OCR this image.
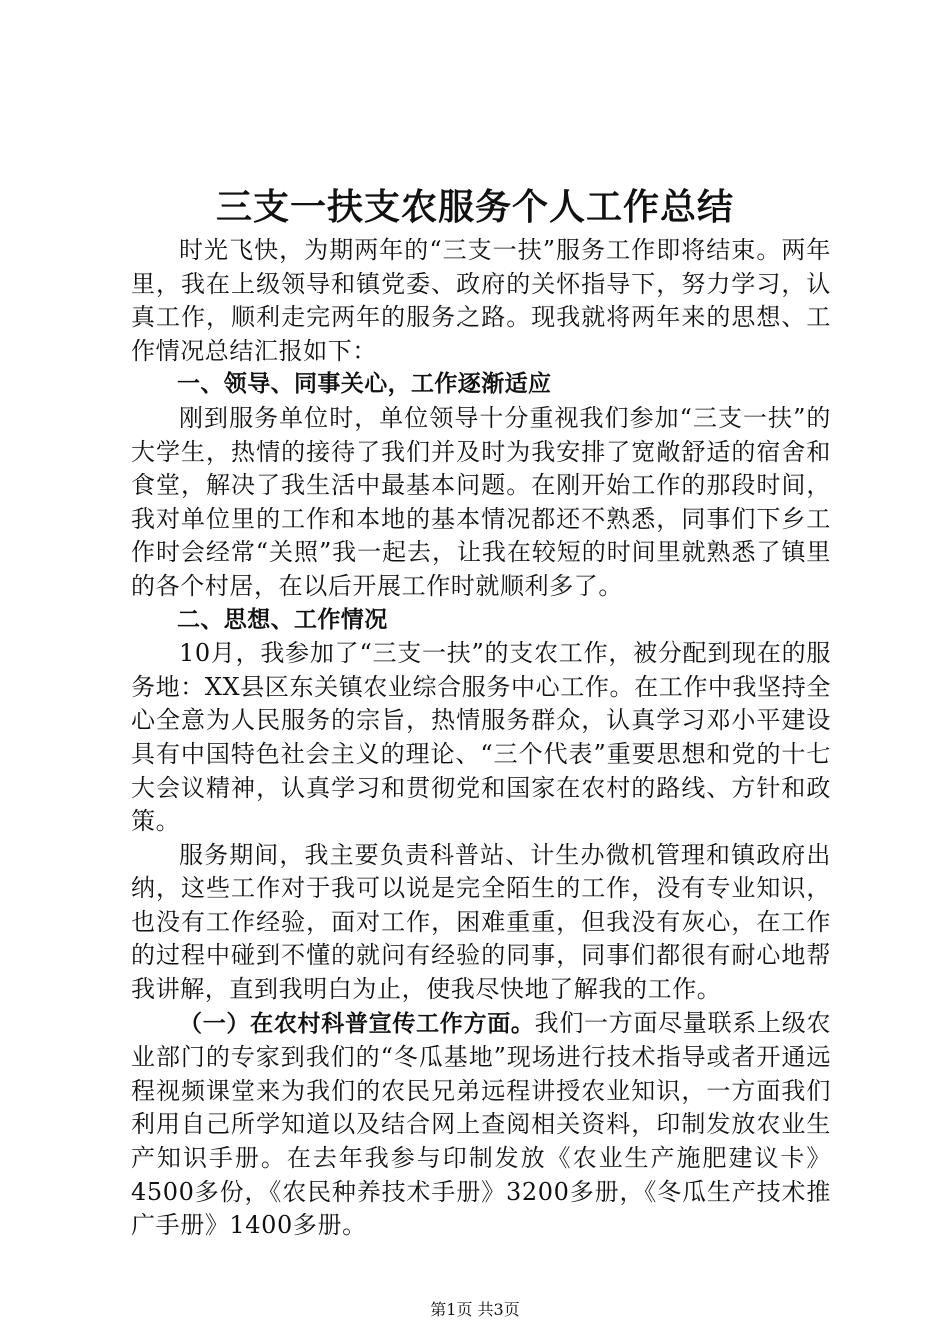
三支一扶支农服务个人工作总结

时光飞快，为期两年的“三支一扶”服务工作即将结束。两年里，我在上级领导和镇党委、政府的关怀指导下，努力学习，认真工作，顺利走完两年的服务之路。现我就将两年来的思想、工作情况总结汇报如下：

一、领导、同事关心，工作逐渐适应

刚到服务单位时，单位领导十分重视我们参加“三支一扶”的大学生，热情的接待了我们并及时为我安排了宽敞舒适的宿舍和食堂，解决了我生活中最基本问题。在刚开始工作的那段时间，我对单位里的工作和本地的基本情况都还不熟悉，同事们下乡工作时会经常“关照”我一起去，让我在较短的时间里就熟悉了镇里的各个村居，在以后开展工作时就顺利多了。

二、思想、工作情况

10月，我参加了“三支一扶”的支农工作，被分配到现在的服务地：XX县区东关镇农业综合服务中心工作。在工作中我坚持全心全意为人民服务的宗旨，热情服务群众，认真学习邓小平建设具有中国特色社会主义的理论、“三个代表”重要思想和党的十七大会议精神，认真学习和贯彻党和国家在农村的路线、方针和政策。

服务期间，我主要负责科普站、计生办微机管理和镇政府出纳，这些工作对于我可以说是完全陌生的工作，没有专业知识，也没有工作经验，面对工作，困难重重，但我没有灰心，在工作的过程中碰到不懂的就问有经验的同事，同事们都很有耐心地帮我讲解，直到我明白为止，使我尽快地了解我的工作。

（一）在农村科普宣传工作方面。我们一方面尽量联系上级农业部门的专家到我们的“冬瓜基地”现场进行技术指导或者开通远程视频课堂来为我们的农民兄弟远程讲授农业知识，一方面我们利用自己所学知道以及结合网上查阅相关资料，印制发放农业生产知识手册。在去年我参与印制发放《农业生产施肥建议卡》4500多份，《农民种养技术手册》3200多册，《冬瓜生产技术推广手册》1400多册。

第1页 共3页
